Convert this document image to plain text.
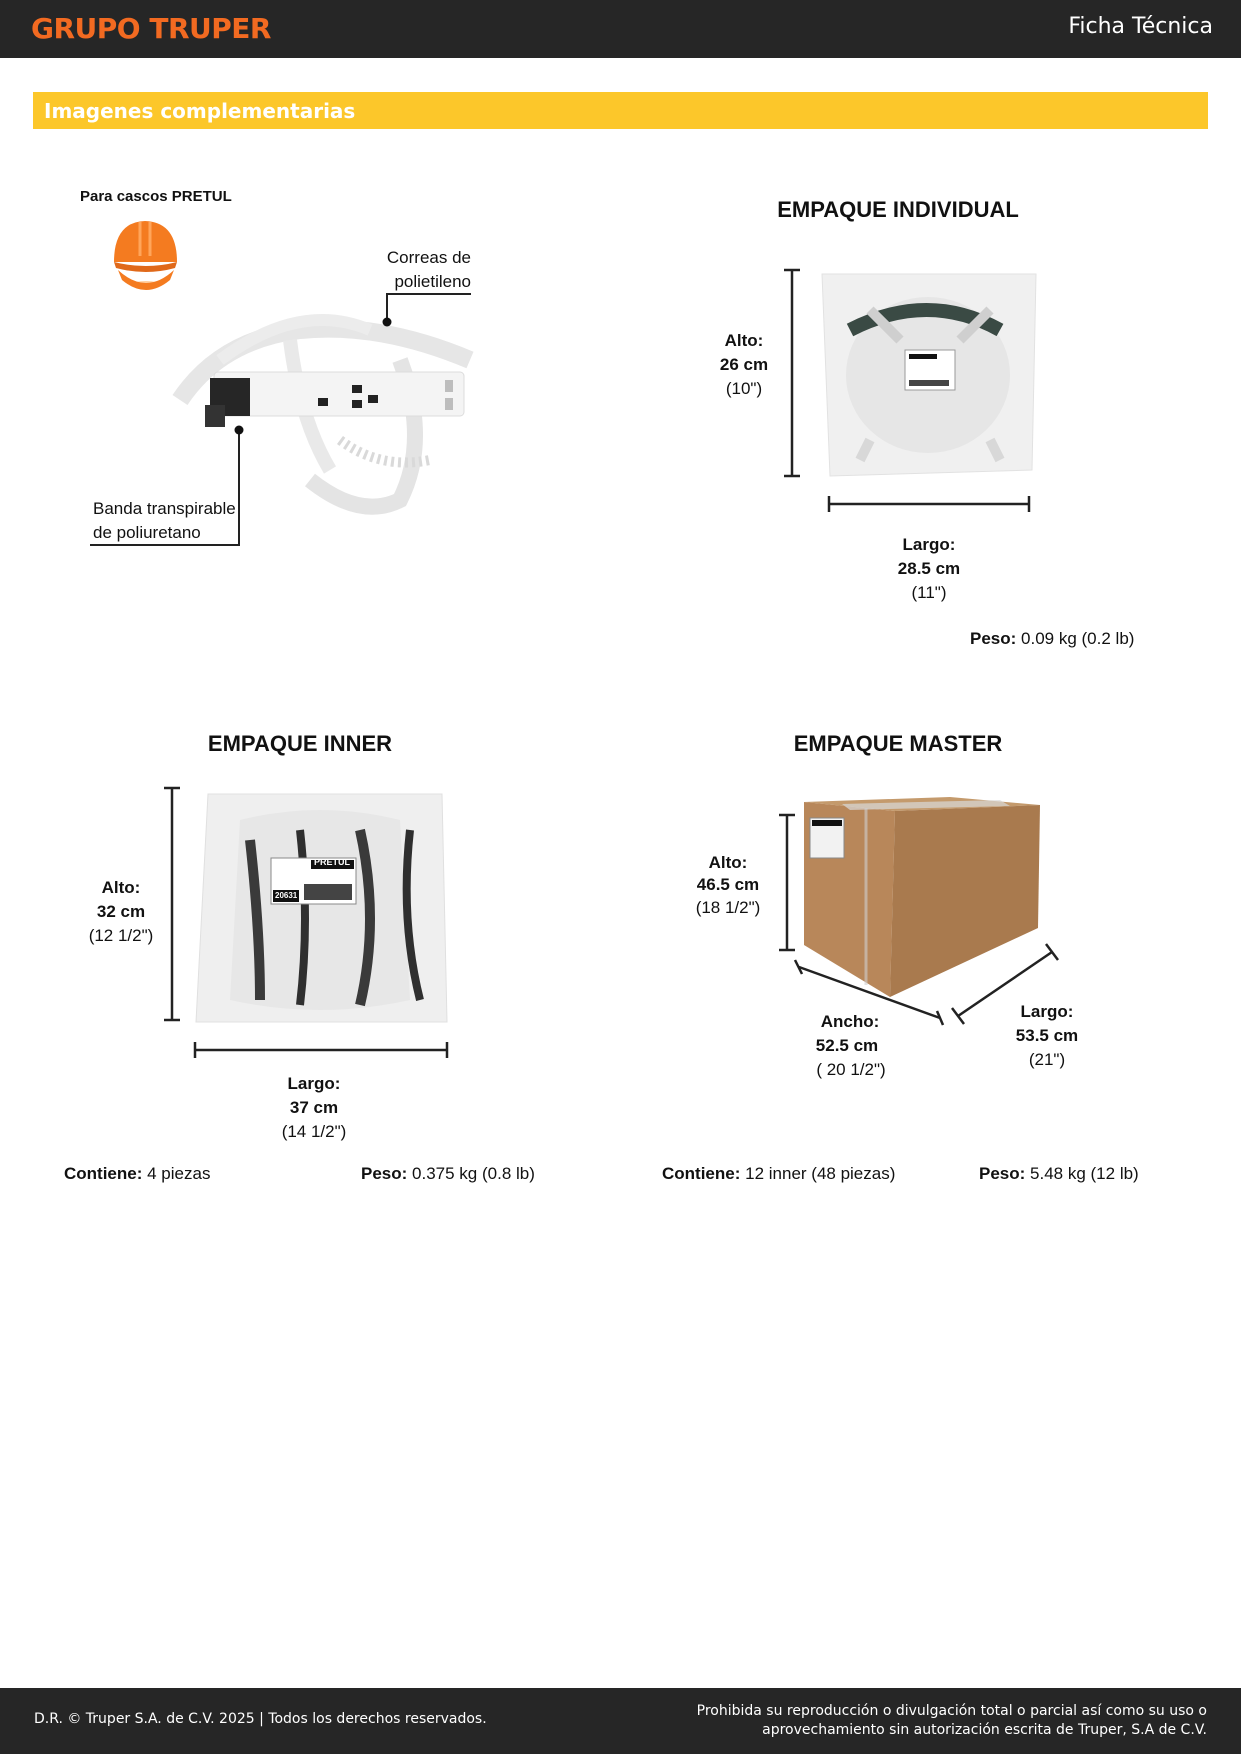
GRUPO TRUPER	Ficha Técnica
Imagenes complementarias
Para cascos PRETUL
Correas de
polietileno
Banda transpirable
de poliuretano
EMPAQUE INDIVIDUAL
Alto:
26 cm
(10")
Largo:
28.5 cm
(11")
Peso: 0.09 kg (0.2 lb)
EMPAQUE INNER
Alto:
32 cm
(12 1/2")
Largo:
37 cm
(14 1/2")
Contiene: 4 piezas	Peso: 0.375 kg (0.8 lb)
PRETUL
20631
EMPAQUE MASTER
Alto:
46.5 cm
(18 1/2")
Ancho:
52.5 cm
( 20 1/2")
Largo:
53.5 cm
(21")
Contiene: 12 inner (48 piezas)	Peso: 5.48 kg (12 lb)
D.R. © Truper S.A. de C.V. 2025 | Todos los derechos reservados.	Prohibida su reproducción o divulgación total o parcial así como su uso o
aprovechamiento sin autorización escrita de Truper, S.A de C.V.
